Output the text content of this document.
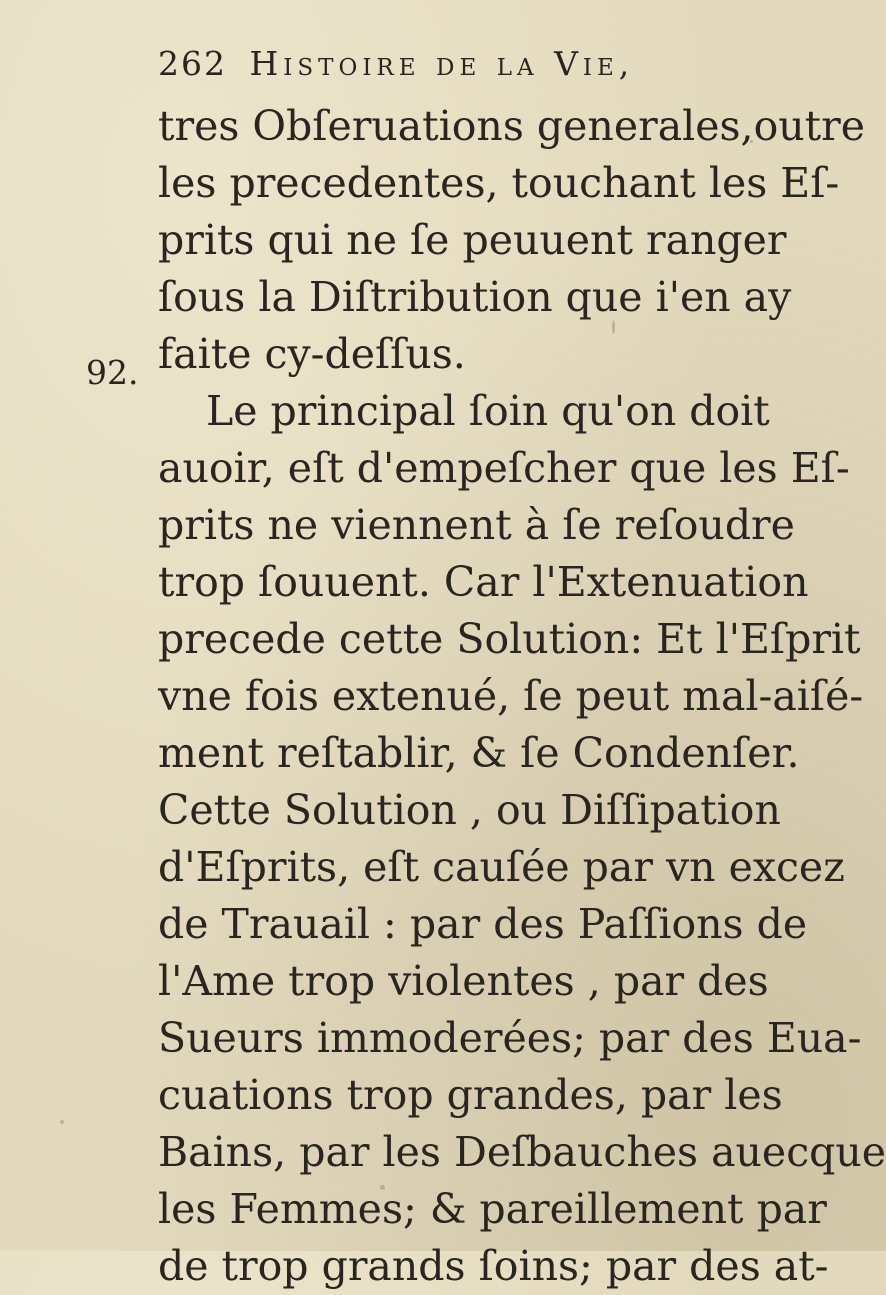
262 Histoire de la Vie,
92.
tres Obſeruations generales,outre
les precedentes, touchant les Eſ-
prits qui ne ſe peuuent ranger
ſous la Diſtribution que i'en ay
faite cy-deſſus.
Le principal ſoin qu'on doit
auoir, eſt d'empeſcher que les Eſ-
prits ne viennent à ſe reſoudre
trop ſouuent. Car l'Extenuation
precede cette Solution: Et l'Eſprit
vne fois extenué, ſe peut mal-aiſé-
ment reſtablir, & ſe Condenſer.
Cette Solution , ou Diſſipation
d'Eſprits, eſt cauſée par vn excez
de Trauail : par des Paſſions de
l'Ame trop violentes , par des
Sueurs immoderées; par des Eua-
cuations trop grandes, par les
Bains, par les Deſbauches auecque
les Femmes; & pareillement par
de trop grands ſoins; par des at-
